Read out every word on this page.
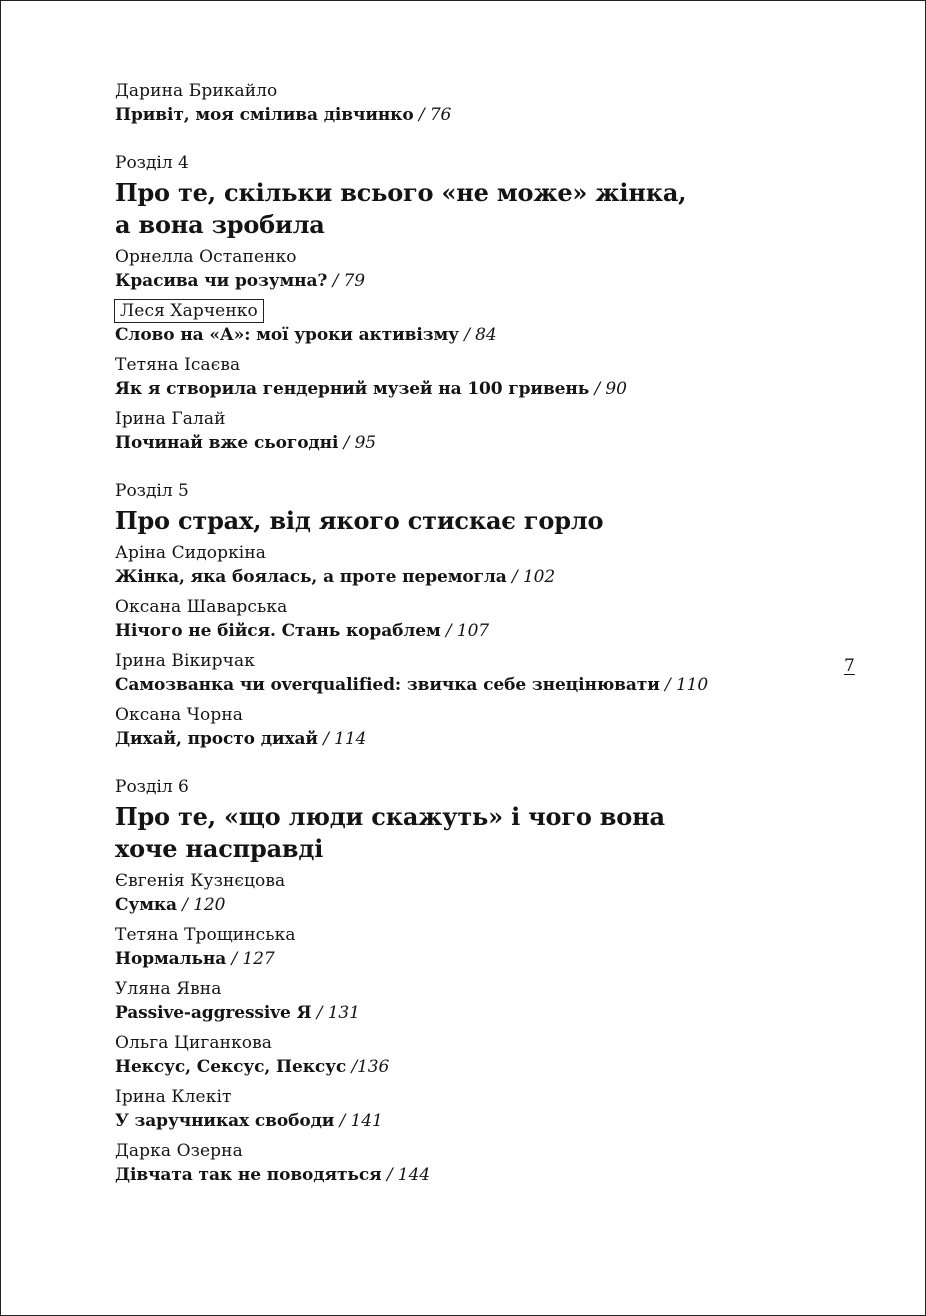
Дарина Брикайло
Привіт, моя смілива дівчинко / 76
Розділ 4
Про те, скільки всього «не може» жінка,
а вона зробила
Орнелла Остапенко
Красива чи розумна? / 79
Леся Харченко
Слово на «А»: мої уроки активізму / 84
Тетяна Ісаєва
Як я створила гендерний музей на 100 гривень / 90
Ірина Галай
Починай вже сьогодні / 95
Розділ 5
Про страх, від якого стискає горло
Аріна Сидоркіна
Жінка, яка боялась, а проте перемогла / 102
Оксана Шаварська
Нічого не бійся. Стань кораблем / 107
Ірина Вікирчак
Самозванка чи overqualified: звичка себе знецінювати / 110
Оксана Чорна
Дихай, просто дихай / 114
Розділ 6
Про те, «що люди скажуть» і чого вона
хоче насправді
Євгенія Кузнєцова
Сумка / 120
Тетяна Трощинська
Нормальна / 127
Уляна Явна
Passive-aggressive Я / 131
Ольга Циганкова
Нексус, Сексус, Пексус /136
Ірина Клекіт
У заручниках свободи / 141
Дарка Озерна
Дівчата так не поводяться / 144
7
